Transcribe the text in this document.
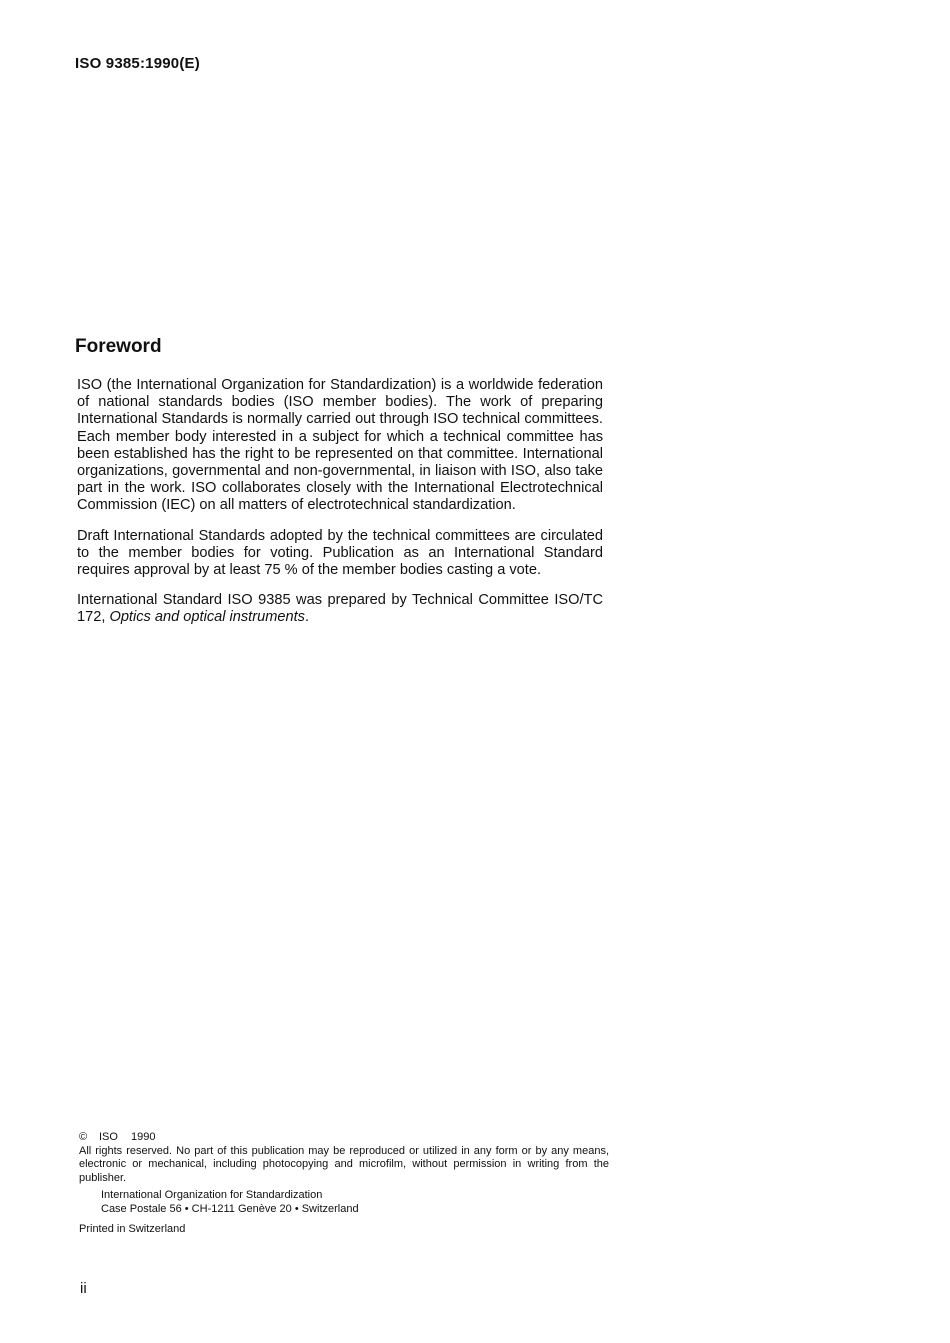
ISO 9385:1990(E)
Foreword

ISO (the International Organization for Standardization) is a worldwide federation of national standards bodies (ISO member bodies). The work of preparing International Standards is normally carried out through ISO technical committees. Each member body interested in a subject for which a technical committee has been established has the right to be represented on that committee. International organizations, governmental and non-governmental, in liaison with ISO, also take part in the work. ISO collaborates closely with the International Electrotechnical Commission (IEC) on all matters of electrotechnical standardization.

Draft International Standards adopted by the technical committees are circulated to the member bodies for voting. Publication as an International Standard requires approval by at least 75 % of the member bodies casting a vote.

International Standard ISO 9385 was prepared by Technical Committee ISO/TC 172, Optics and optical instruments.

© ISO 1990

All rights reserved. No part of this publication may be reproduced or utilized in any form or by any means, electronic or mechanical, including photocopying and microfilm, without permission in writing from the publisher.

International Organization for Standardization
Case Postale 56 • CH-1211 Genève 20 • Switzerland
Printed in Switzerland
ii
